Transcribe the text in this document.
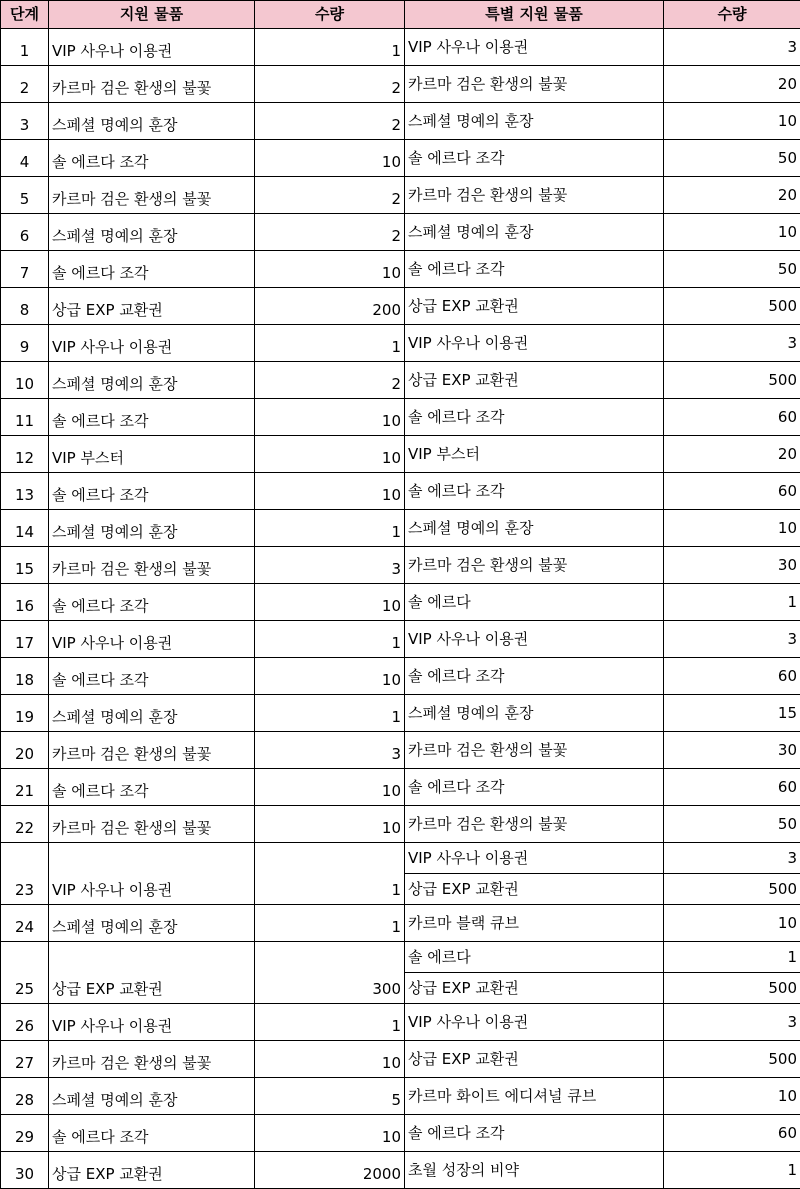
단계	지원 물품	수량	특별 지원 물품	수량
1	VIP 사우나 이용권	1	VIP 사우나 이용권	3
2	카르마 검은 환생의 불꽃	2	카르마 검은 환생의 불꽃	20
3	스페셜 명예의 훈장	2	스페셜 명예의 훈장	10
4	솔 에르다 조각	10	솔 에르다 조각	50
5	카르마 검은 환생의 불꽃	2	카르마 검은 환생의 불꽃	20
6	스페셜 명예의 훈장	2	스페셜 명예의 훈장	10
7	솔 에르다 조각	10	솔 에르다 조각	50
8	상급 EXP 교환권	200	상급 EXP 교환권	500
9	VIP 사우나 이용권	1	VIP 사우나 이용권	3
10	스페셜 명예의 훈장	2	상급 EXP 교환권	500
11	솔 에르다 조각	10	솔 에르다 조각	60
12	VIP 부스터	10	VIP 부스터	20
13	솔 에르다 조각	10	솔 에르다 조각	60
14	스페셜 명예의 훈장	1	스페셜 명예의 훈장	10
15	카르마 검은 환생의 불꽃	3	카르마 검은 환생의 불꽃	30
16	솔 에르다 조각	10	솔 에르다	1
17	VIP 사우나 이용권	1	VIP 사우나 이용권	3
18	솔 에르다 조각	10	솔 에르다 조각	60
19	스페셜 명예의 훈장	1	스페셜 명예의 훈장	15
20	카르마 검은 환생의 불꽃	3	카르마 검은 환생의 불꽃	30
21	솔 에르다 조각	10	솔 에르다 조각	60
22	카르마 검은 환생의 불꽃	10	카르마 검은 환생의 불꽃	50
23	VIP 사우나 이용권	1	VIP 사우나 이용권	3
			상급 EXP 교환권	500
24	스페셜 명예의 훈장	1	카르마 블랙 큐브	10
25	상급 EXP 교환권	300	솔 에르다	1
			상급 EXP 교환권	500
26	VIP 사우나 이용권	1	VIP 사우나 이용권	3
27	카르마 검은 환생의 불꽃	10	상급 EXP 교환권	500
28	스페셜 명예의 훈장	5	카르마 화이트 에디셔널 큐브	10
29	솔 에르다 조각	10	솔 에르다 조각	60
30	상급 EXP 교환권	2000	초월 성장의 비약	1
